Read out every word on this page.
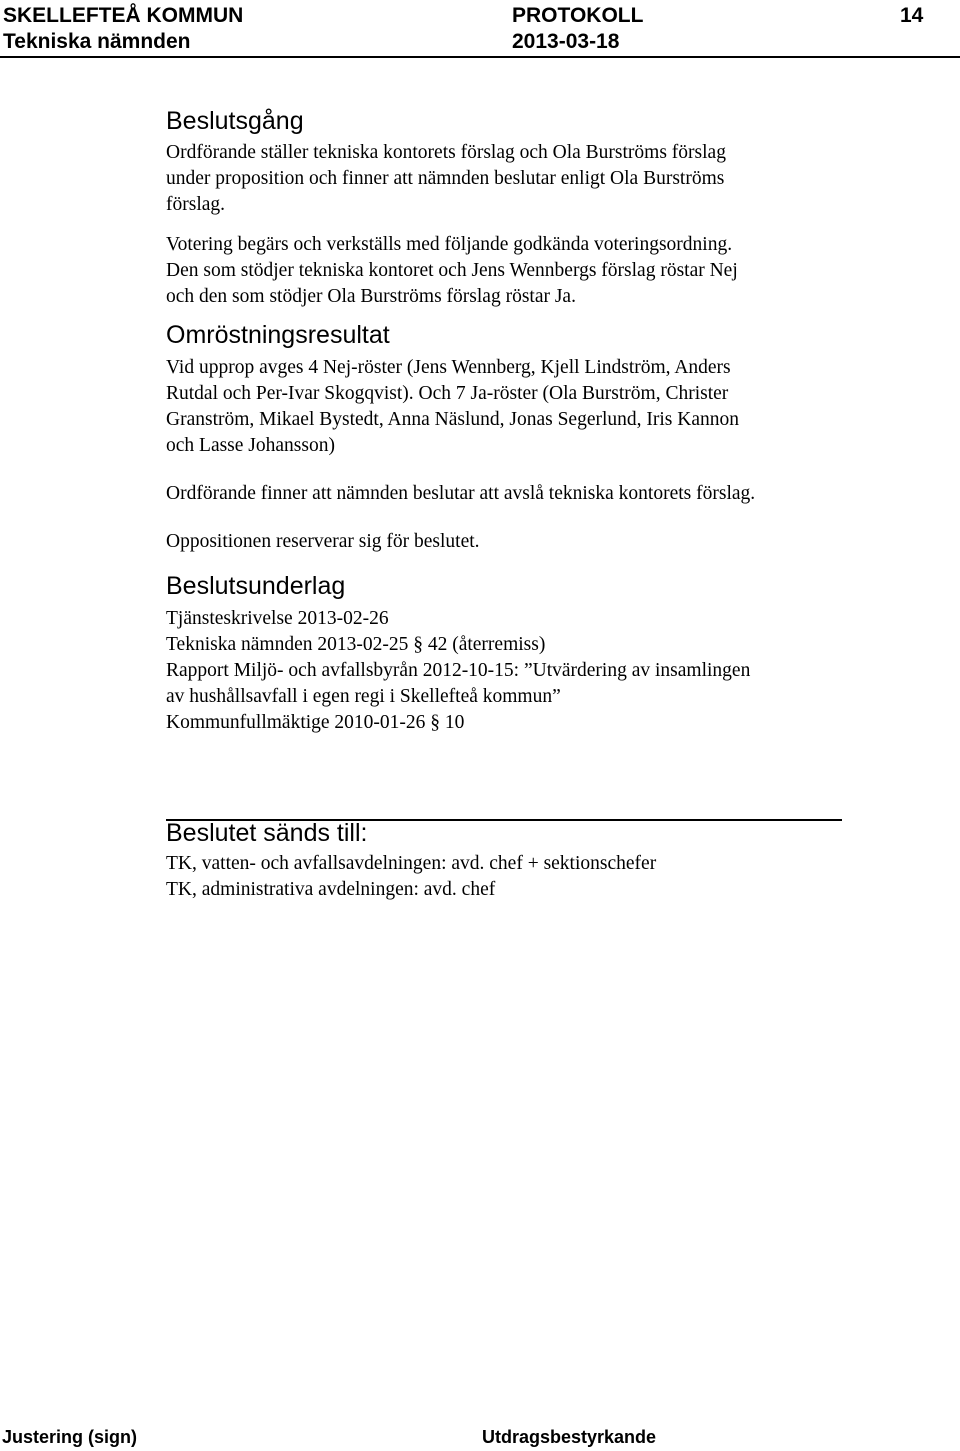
SKELLEFTEÅ KOMMUN	PROTOKOLL	14
Tekniska nämnden	2013-03-18
Beslutsgång

Ordförande ställer tekniska kontorets förslag och Ola Burströms förslag
under proposition och finner att nämnden beslutar enligt Ola Burströms
förslag.

Votering begärs och verkställs med följande godkända voteringsordning.
Den som stödjer tekniska kontoret och Jens Wennbergs förslag röstar Nej
och den som stödjer Ola Burströms förslag röstar Ja.

Omröstningsresultat

Vid upprop avges 4 Nej-röster (Jens Wennberg, Kjell Lindström, Anders
Rutdal och Per-Ivar Skogqvist). Och 7 Ja-röster (Ola Burström, Christer
Granström, Mikael Bystedt, Anna Näslund, Jonas Segerlund, Iris Kannon
och Lasse Johansson)

Ordförande finner att nämnden beslutar att avslå tekniska kontorets förslag.

Oppositionen reserverar sig för beslutet.

Beslutsunderlag

Tjänsteskrivelse 2013-02-26
Tekniska nämnden 2013-02-25 § 42 (återremiss)
Rapport Miljö- och avfallsbyrån 2012-10-15: ”Utvärdering av insamlingen
av hushållsavfall i egen regi i Skellefteå kommun”
Kommunfullmäktige 2010-01-26 § 10

Beslutet sänds till:

TK, vatten- och avfallsavdelningen: avd. chef + sektionschefer
TK, administrativa avdelningen: avd. chef

Justering (sign)	Utdragsbestyrkande
